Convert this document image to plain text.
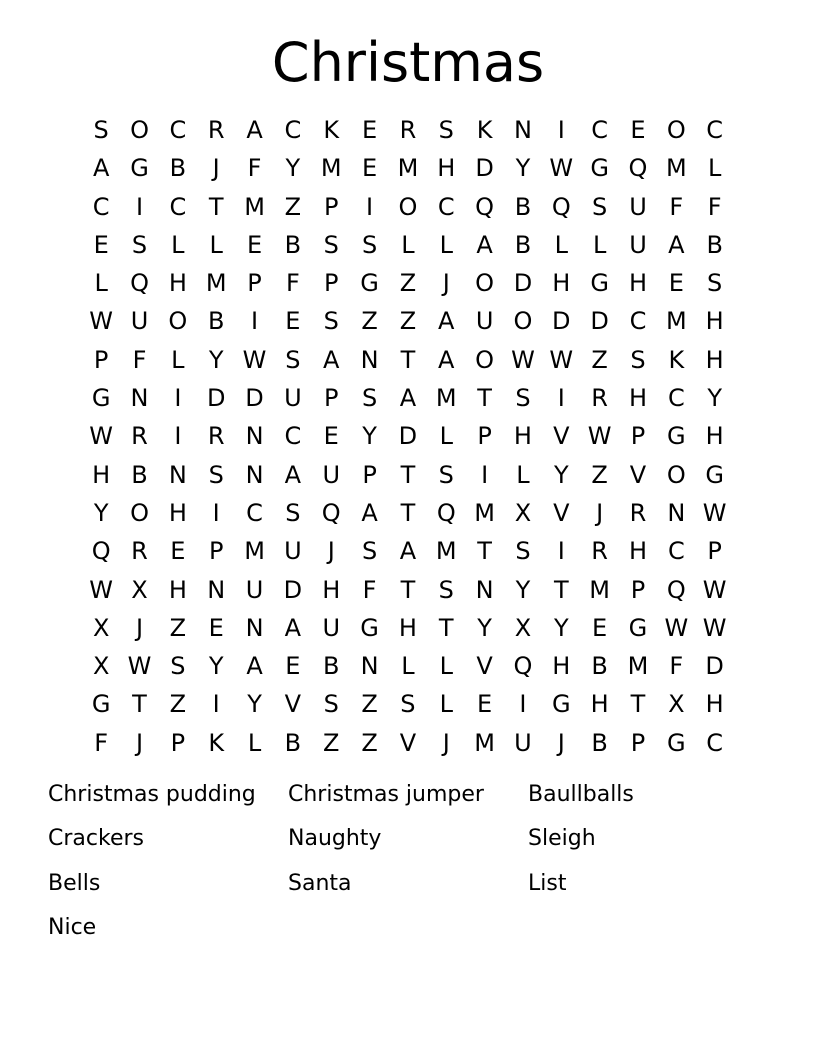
Christmas
S O C R A C K E R S K N	I	C E O C
A G B	J	F	Y M E M H D Y W G Q M L
C	I	C T M Z P	I	O C Q B Q S U F	F
E S	L	L	E B S S	L	L A B L	L U A B
L Q H M P	F	P G Z	J	O D H G H E S
W U O B	I	E S Z Z A U O D D C M H
P	F	L	Y W S A N T A O W W Z S K H
G N	I	D D U P S A M T S	I	R H C Y
W R	I	R N C E Y D L	P H V W P G H
H B N S N A U P T S	I	L	Y Z V O G
Y O H	I	C S Q A T Q M X V	J	R N W
Q R E P M U	J	S A M T S	I	R H C P
W X H N U D H F	T S N Y T M P Q W
X	J	Z E N A U G H T Y X Y E G W W
X W S Y A E B N L	L V Q H B M F D
G T Z	I	Y V S Z S	L	E	I	G H T X H
F	J	P K L B Z Z V	J	M U	J	B P G C
Christmas pudding	Christmas jumper	Baullballs
Crackers	Naughty	Sleigh
Bells	Santa	List
Nice
